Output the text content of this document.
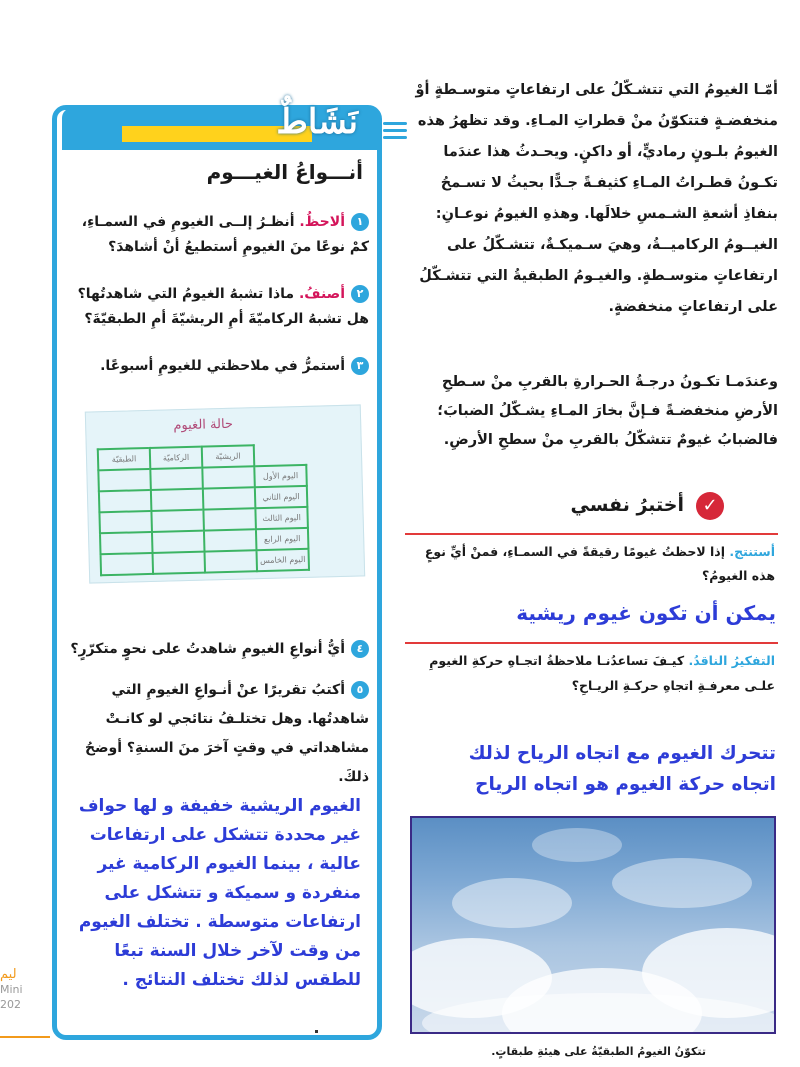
نَشَاطٌ
أنـــواعُ الغيـــوم
١ألاحظُ. أنظـرُ إلــى الغيومِ في السمـاءِ، كمْ نوعًا منَ الغيومِ أستطيعُ أنْ أشاهدَ؟
٢أصنفُ. ماذا تشبهُ الغيومُ التي شاهدتُها؟ هل تشبهُ الركاميّةَ أمِ الريشيّةَ أمِ الطبقيّةَ؟
٣أستمرُّ في ملاحظتي للغيومِ أسبوعًا.
حالة الغيوم
	الريشيّة	الركاميّة	الطبقيّة
اليوم الأول			
اليوم الثاني			
اليوم الثالث			
اليوم الرابع			
اليوم الخامس			
٤أيُّ أنواعِ الغيومِ شاهدتُ على نحوٍ متكرّرٍ؟
٥أكتبُ تقريرًا عنْ أنـواعِ الغيومِ التي شاهدتُها. وهل تختلـفُ نتائجي لو كانـتْ مشاهداتي في وقتٍ آخرَ منَ السنةِ؟ أوضحُ ذلكَ.
الغيوم الريشية خفيفة و لها حواف غير محددة تتشكل على ارتفاعات عالية ، بينما الغيوم الركامية غير منفردة و سميكة و تتشكل على ارتفاعات متوسطة . تختلف الغيوم من وقت لآخر خلال السنة تبعًا للطقس لذلك تختلف النتائج .
ليم
Mini
202
أمّـا الغيومُ التي تتشـكّلُ على ارتفاعاتٍ متوسـطةٍ أوْ منخفضـةٍ فتتكوّنُ منْ قطراتِ المـاءِ. وقد تظهرُ هذه الغيومُ بلـونٍ رماديٍّ، أو داكنٍ. ويحـدثُ هذا عندَما تكـونُ قطـراتُ المـاءِ كثيفـةً جـدًّا بحيثُ لا تسـمحُ بنفاذِ أشعةِ الشـمسِ خلالَها. وهذهِ الغيومُ نوعـانِ: الغيــومُ الركاميــةُ، وهيَ سـميكـةٌ، تتشـكّلُ على ارتفاعاتٍ متوسـطةٍ. والغيـومُ الطبقيةُ التي تتشـكّلُ على ارتفاعاتٍ منخفضةٍ.
وعندَمـا تكـونُ درجـةُ الحـرارةِ بالقربِ منْ سـطحِ الأرضِ منخفضـةً فـإنَّ بخارَ المـاءِ يشـكّلُ الضبابَ؛ فالضبابُ غيومٌ تتشكّلُ بالقربِ منْ سطحِ الأرضِ.
✓
أختبرُ نفسي
أستنتج. إذا لاحظتُ غيومًا رقيقةً في السمـاءِ، فمنْ أيِّ نوعٍ هذه الغيومُ؟
يمكن أن تكون غيوم ريشية
التفكيرُ الناقدُ. كيـفَ تساعدُنـا ملاحظةُ اتجـاهِ حركةِ الغيومِ علـى معرفـةِ اتجاهِ حركـةِ الريـاحِ؟
تتحرك الغيوم مع اتجاه الرياح لذلك
اتجاه حركة الغيوم هو اتجاه الرياح
تتكوّنُ الغيومُ الطبقيّةُ على هيئةِ طبقاتٍ.
